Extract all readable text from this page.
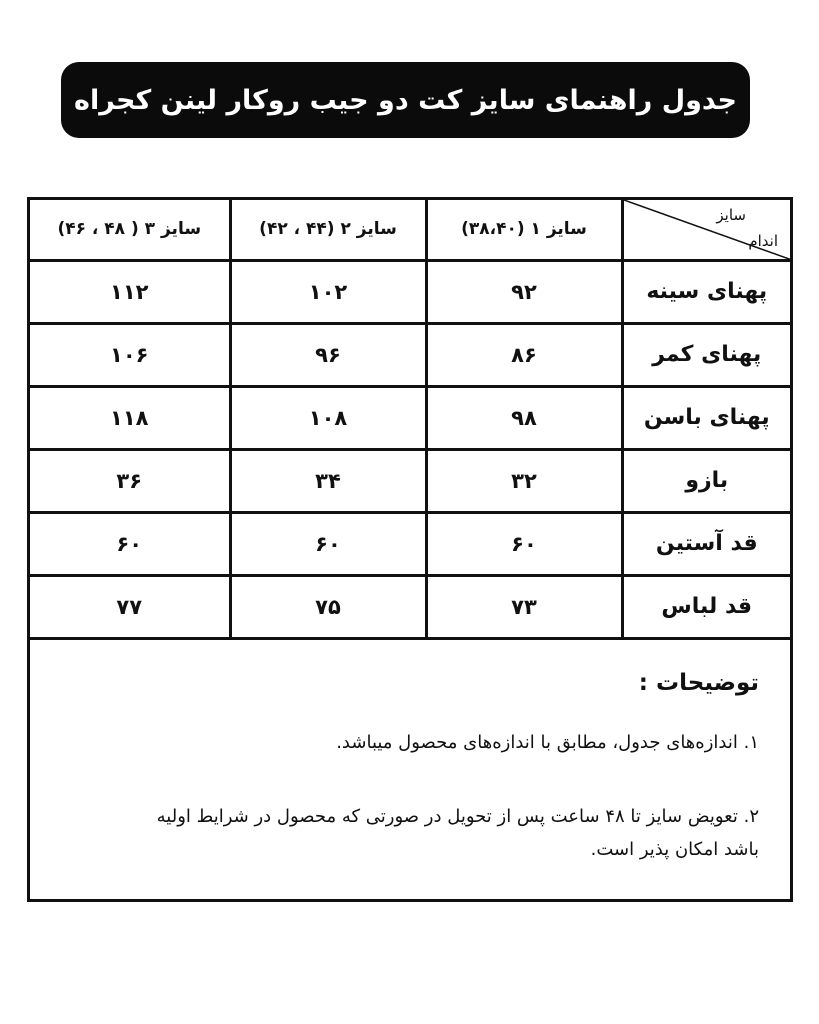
جدول راهنمای سایز کت دو جیب روکار لینن کجراه
سایز
اندام	سایز ۱ (۳۸،۴۰)	سایز ۲ (۴۴ ، ۴۲)	سایز ۳ ( ۴۸ ، ۴۶)
پهنای سینه	۹۲	۱۰۲	۱۱۲
پهنای کمر	۸۶	۹۶	۱۰۶
پهنای باسن	۹۸	۱۰۸	۱۱۸
بازو	۳۲	۳۴	۳۶
قد آستین	۶۰	۶۰	۶۰
قد لباس	۷۳	۷۵	۷۷
توضیحات :
۱. اندازه‌های جدول، مطابق با اندازه‌های محصول میباشد.
۲. تعویض سایز تا ۴۸ ساعت پس از تحویل در صورتی که محصول در شرایط اولیه باشد امکان پذیر است.
